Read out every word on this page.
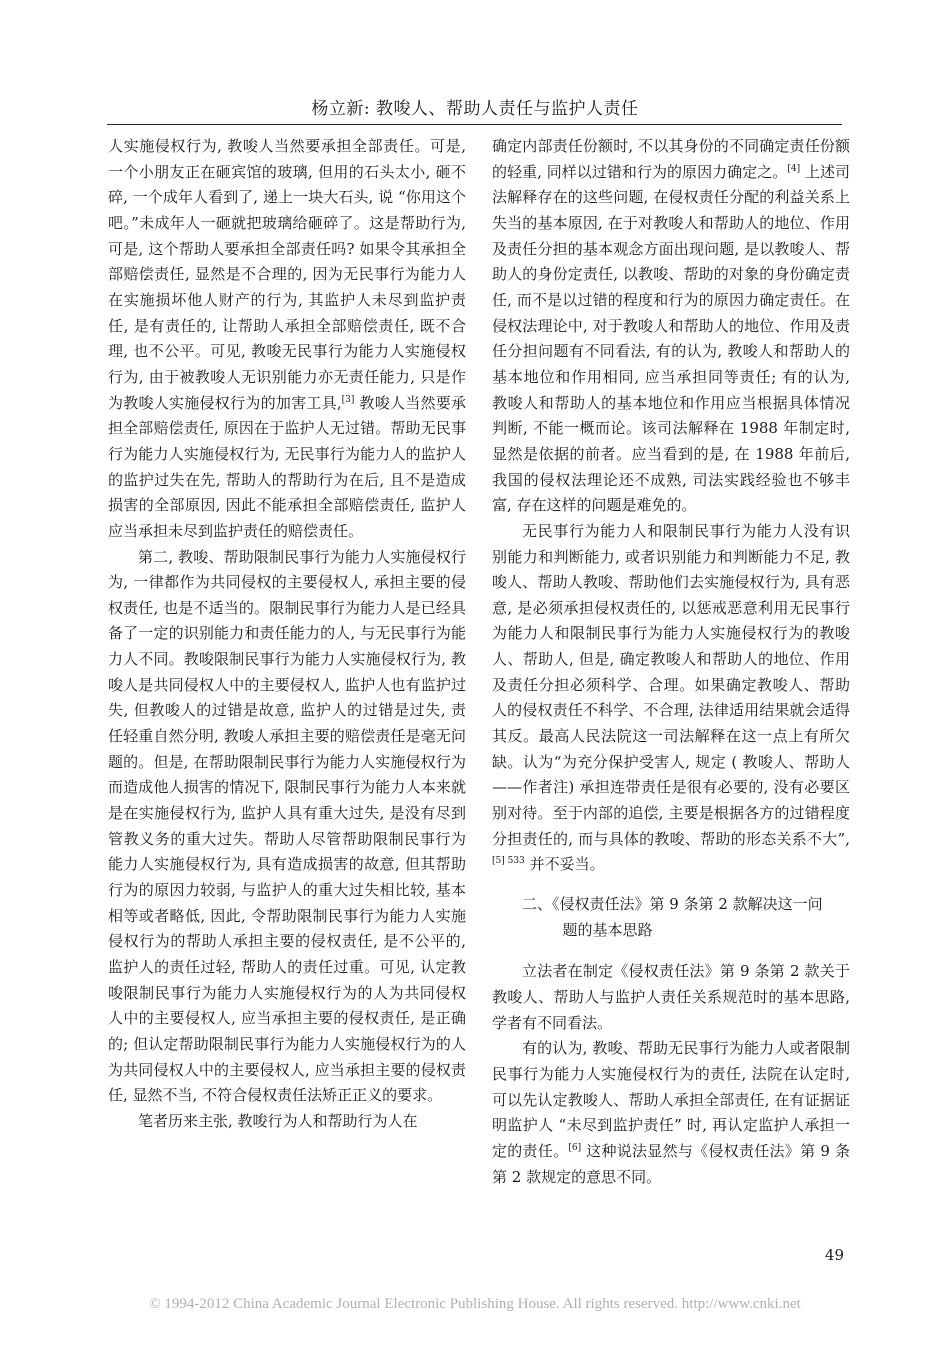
杨立新: 教唆人、帮助人责任与监护人责任

人实施侵权行为, 教唆人当然要承担全部责任。可是, 一个小朋友正在砸宾馆的玻璃, 但用的石头太小, 砸不碎, 一个成年人看到了, 递上一块大石头, 说 “你用这个吧。”未成年人一砸就把玻璃给砸碎了。这是帮助行为, 可是, 这个帮助人要承担全部责任吗? 如果令其承担全部赔偿责任, 显然是不合理的, 因为无民事行为能力人在实施损坏他人财产的行为, 其监护人未尽到监护责任, 是有责任的, 让帮助人承担全部赔偿责任, 既不合理, 也不公平。可见, 教唆无民事行为能力人实施侵权行为, 由于被教唆人无识别能力亦无责任能力, 只是作为教唆人实施侵权行为的加害工具,[3] 教唆人当然要承担全部赔偿责任, 原因在于监护人无过错。帮助无民事行为能力人实施侵权行为, 无民事行为能力人的监护人的监护过失在先, 帮助人的帮助行为在后, 且不是造成损害的全部原因, 因此不能承担全部赔偿责任, 监护人应当承担未尽到监护责任的赔偿责任。

第二, 教唆、帮助限制民事行为能力人实施侵权行为, 一律都作为共同侵权的主要侵权人, 承担主要的侵权责任, 也是不适当的。限制民事行为能力人是已经具备了一定的识别能力和责任能力的人, 与无民事行为能力人不同。教唆限制民事行为能力人实施侵权行为, 教唆人是共同侵权人中的主要侵权人, 监护人也有监护过失, 但教唆人的过错是故意, 监护人的过错是过失, 责任轻重自然分明, 教唆人承担主要的赔偿责任是毫无问题的。但是, 在帮助限制民事行为能力人实施侵权行为而造成他人损害的情况下, 限制民事行为能力人本来就是在实施侵权行为, 监护人具有重大过失, 是没有尽到管教义务的重大过失。帮助人尽管帮助限制民事行为能力人实施侵权行为, 具有造成损害的故意, 但其帮助行为的原因力较弱, 与监护人的重大过失相比较, 基本相等或者略低, 因此, 令帮助限制民事行为能力人实施侵权行为的帮助人承担主要的侵权责任, 是不公平的, 监护人的责任过轻, 帮助人的责任过重。可见, 认定教唆限制民事行为能力人实施侵权行为的人为共同侵权人中的主要侵权人, 应当承担主要的侵权责任, 是正确的; 但认定帮助限制民事行为能力人实施侵权行为的人为共同侵权人中的主要侵权人, 应当承担主要的侵权责任, 显然不当, 不符合侵权责任法矫正正义的要求。

笔者历来主张, 教唆行为人和帮助行为人在

确定内部责任份额时, 不以其身份的不同确定责任份额的轻重, 同样以过错和行为的原因力确定之。[4] 上述司法解释存在的这些问题, 在侵权责任分配的利益关系上失当的基本原因, 在于对教唆人和帮助人的地位、作用及责任分担的基本观念方面出现问题, 是以教唆人、帮助人的身份定责任, 以教唆、帮助的对象的身份确定责任, 而不是以过错的程度和行为的原因力确定责任。在侵权法理论中, 对于教唆人和帮助人的地位、作用及责任分担问题有不同看法, 有的认为, 教唆人和帮助人的基本地位和作用相同, 应当承担同等责任; 有的认为, 教唆人和帮助人的基本地位和作用应当根据具体情况判断, 不能一概而论。该司法解释在 1988 年制定时, 显然是依据的前者。应当看到的是, 在 1988 年前后, 我国的侵权法理论还不成熟, 司法实践经验也不够丰富, 存在这样的问题是难免的。

无民事行为能力人和限制民事行为能力人没有识别能力和判断能力, 或者识别能力和判断能力不足, 教唆人、帮助人教唆、帮助他们去实施侵权行为, 具有恶意, 是必须承担侵权责任的, 以惩戒恶意利用无民事行为能力人和限制民事行为能力人实施侵权行为的教唆人、帮助人, 但是, 确定教唆人和帮助人的地位、作用及责任分担必须科学、合理。如果确定教唆人、帮助人的侵权责任不科学、不合理, 法律适用结果就会适得其反。最高人民法院这一司法解释在这一点上有所欠缺。认为“为充分保护受害人, 规定 ( 教唆人、帮助人——作者注) 承担连带责任是很有必要的, 没有必要区别对待。至于内部的追偿, 主要是根据各方的过错程度分担责任的, 而与具体的教唆、帮助的形态关系不大”,$^{[5] 533}$ 并不妥当。

二、《侵权责任法》第 9 条第 2 款解决这一问
题的基本思路

立法者在制定《侵权责任法》第 9 条第 2 款关于教唆人、帮助人与监护人责任关系规范时的基本思路, 学者有不同看法。

有的认为, 教唆、帮助无民事行为能力人或者限制民事行为能力人实施侵权行为的责任, 法院在认定时, 可以先认定教唆人、帮助人承担全部责任, 在有证据证明监护人 “未尽到监护责任” 时, 再认定监护人承担一定的责任。[6] 这种说法显然与《侵权责任法》第 9 条第 2 款规定的意思不同。

49
© 1994-2012 China Academic Journal Electronic Publishing House. All rights reserved. http://www.cnki.net
